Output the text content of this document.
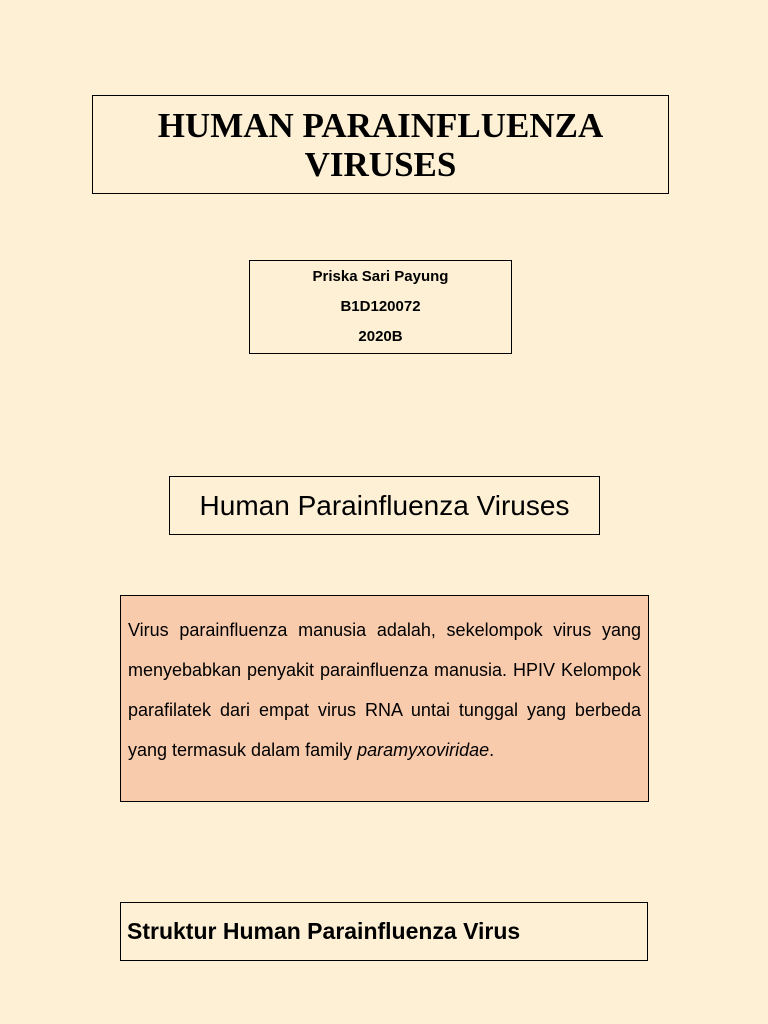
HUMAN PARAINFLUENZA
VIRUSES
Priska Sari Payung
B1D120072
2020B
Human Parainfluenza Viruses

Virus parainfluenza manusia adalah, sekelompok virus yang menyebabkan penyakit parainfluenza manusia. HPIV Kelompok parafilatek dari empat virus RNA untai tunggal yang berbeda yang termasuk dalam family paramyxoviridae.

Struktur Human Parainfluenza Virus
